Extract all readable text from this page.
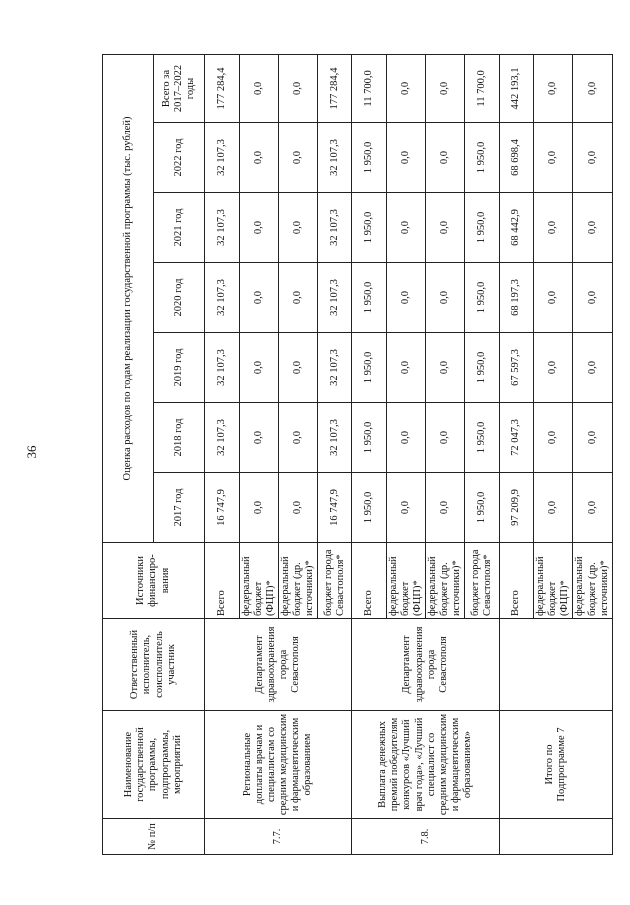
36
№ п/п	Наименование государственной программы, подпрограммы, мероприятий	Ответственный исполнитель, соисполнитель участник	Источники финансиро-вания	Оценка расходов по годам реализации государственной программы (тыс. рублей)						
				2017 год	2018 год	2019 год	2020 год	2021 год	2022 год	Всего за 2017–2022 годы
7.7.	Региональные доплаты врачам и специалистам со средним медицинским и фармацевтическим образованием	Департамент здравоохранения города Севастополя	Всего	16 747,9	32 107,3	32 107,3	32 107,3	32 107,3	32 107,3	177 284,4
			федеральный бюджет (ФЦП)*	0,0	0,0	0,0	0,0	0,0	0,0	0,0
			федеральный бюджет (др. источники)*	0,0	0,0	0,0	0,0	0,0	0,0	0,0
			бюджет города Севастополя*	16 747,9	32 107,3	32 107,3	32 107,3	32 107,3	32 107,3	177 284,4
7.8.	Выплата денежных премий победителям конкурсов «Лучший врач года», «Лучший специалист со средним медицинским и фармацевтическим образованием»	Департамент здравоохранения города Севастополя	Всего	1 950,0	1 950,0	1 950,0	1 950,0	1 950,0	1 950,0	11 700,0
			федеральный бюджет (ФЦП)*	0,0	0,0	0,0	0,0	0,0	0,0	0,0
			федеральный бюджет (др. источники)*	0,0	0,0	0,0	0,0	0,0	0,0	0,0
			бюджет города Севастополя*	1 950,0	1 950,0	1 950,0	1 950,0	1 950,0	1 950,0	11 700,0
	Итого по Подпрограмме 7		Всего	97 209,9	72 047,3	67 597,3	68 197,3	68 442,9	68 698,4	442 193,1
			федеральный бюджет (ФЦП)*	0,0	0,0	0,0	0,0	0,0	0,0	0,0
			федеральный бюджет (др. источники)*	0,0	0,0	0,0	0,0	0,0	0,0	0,0
